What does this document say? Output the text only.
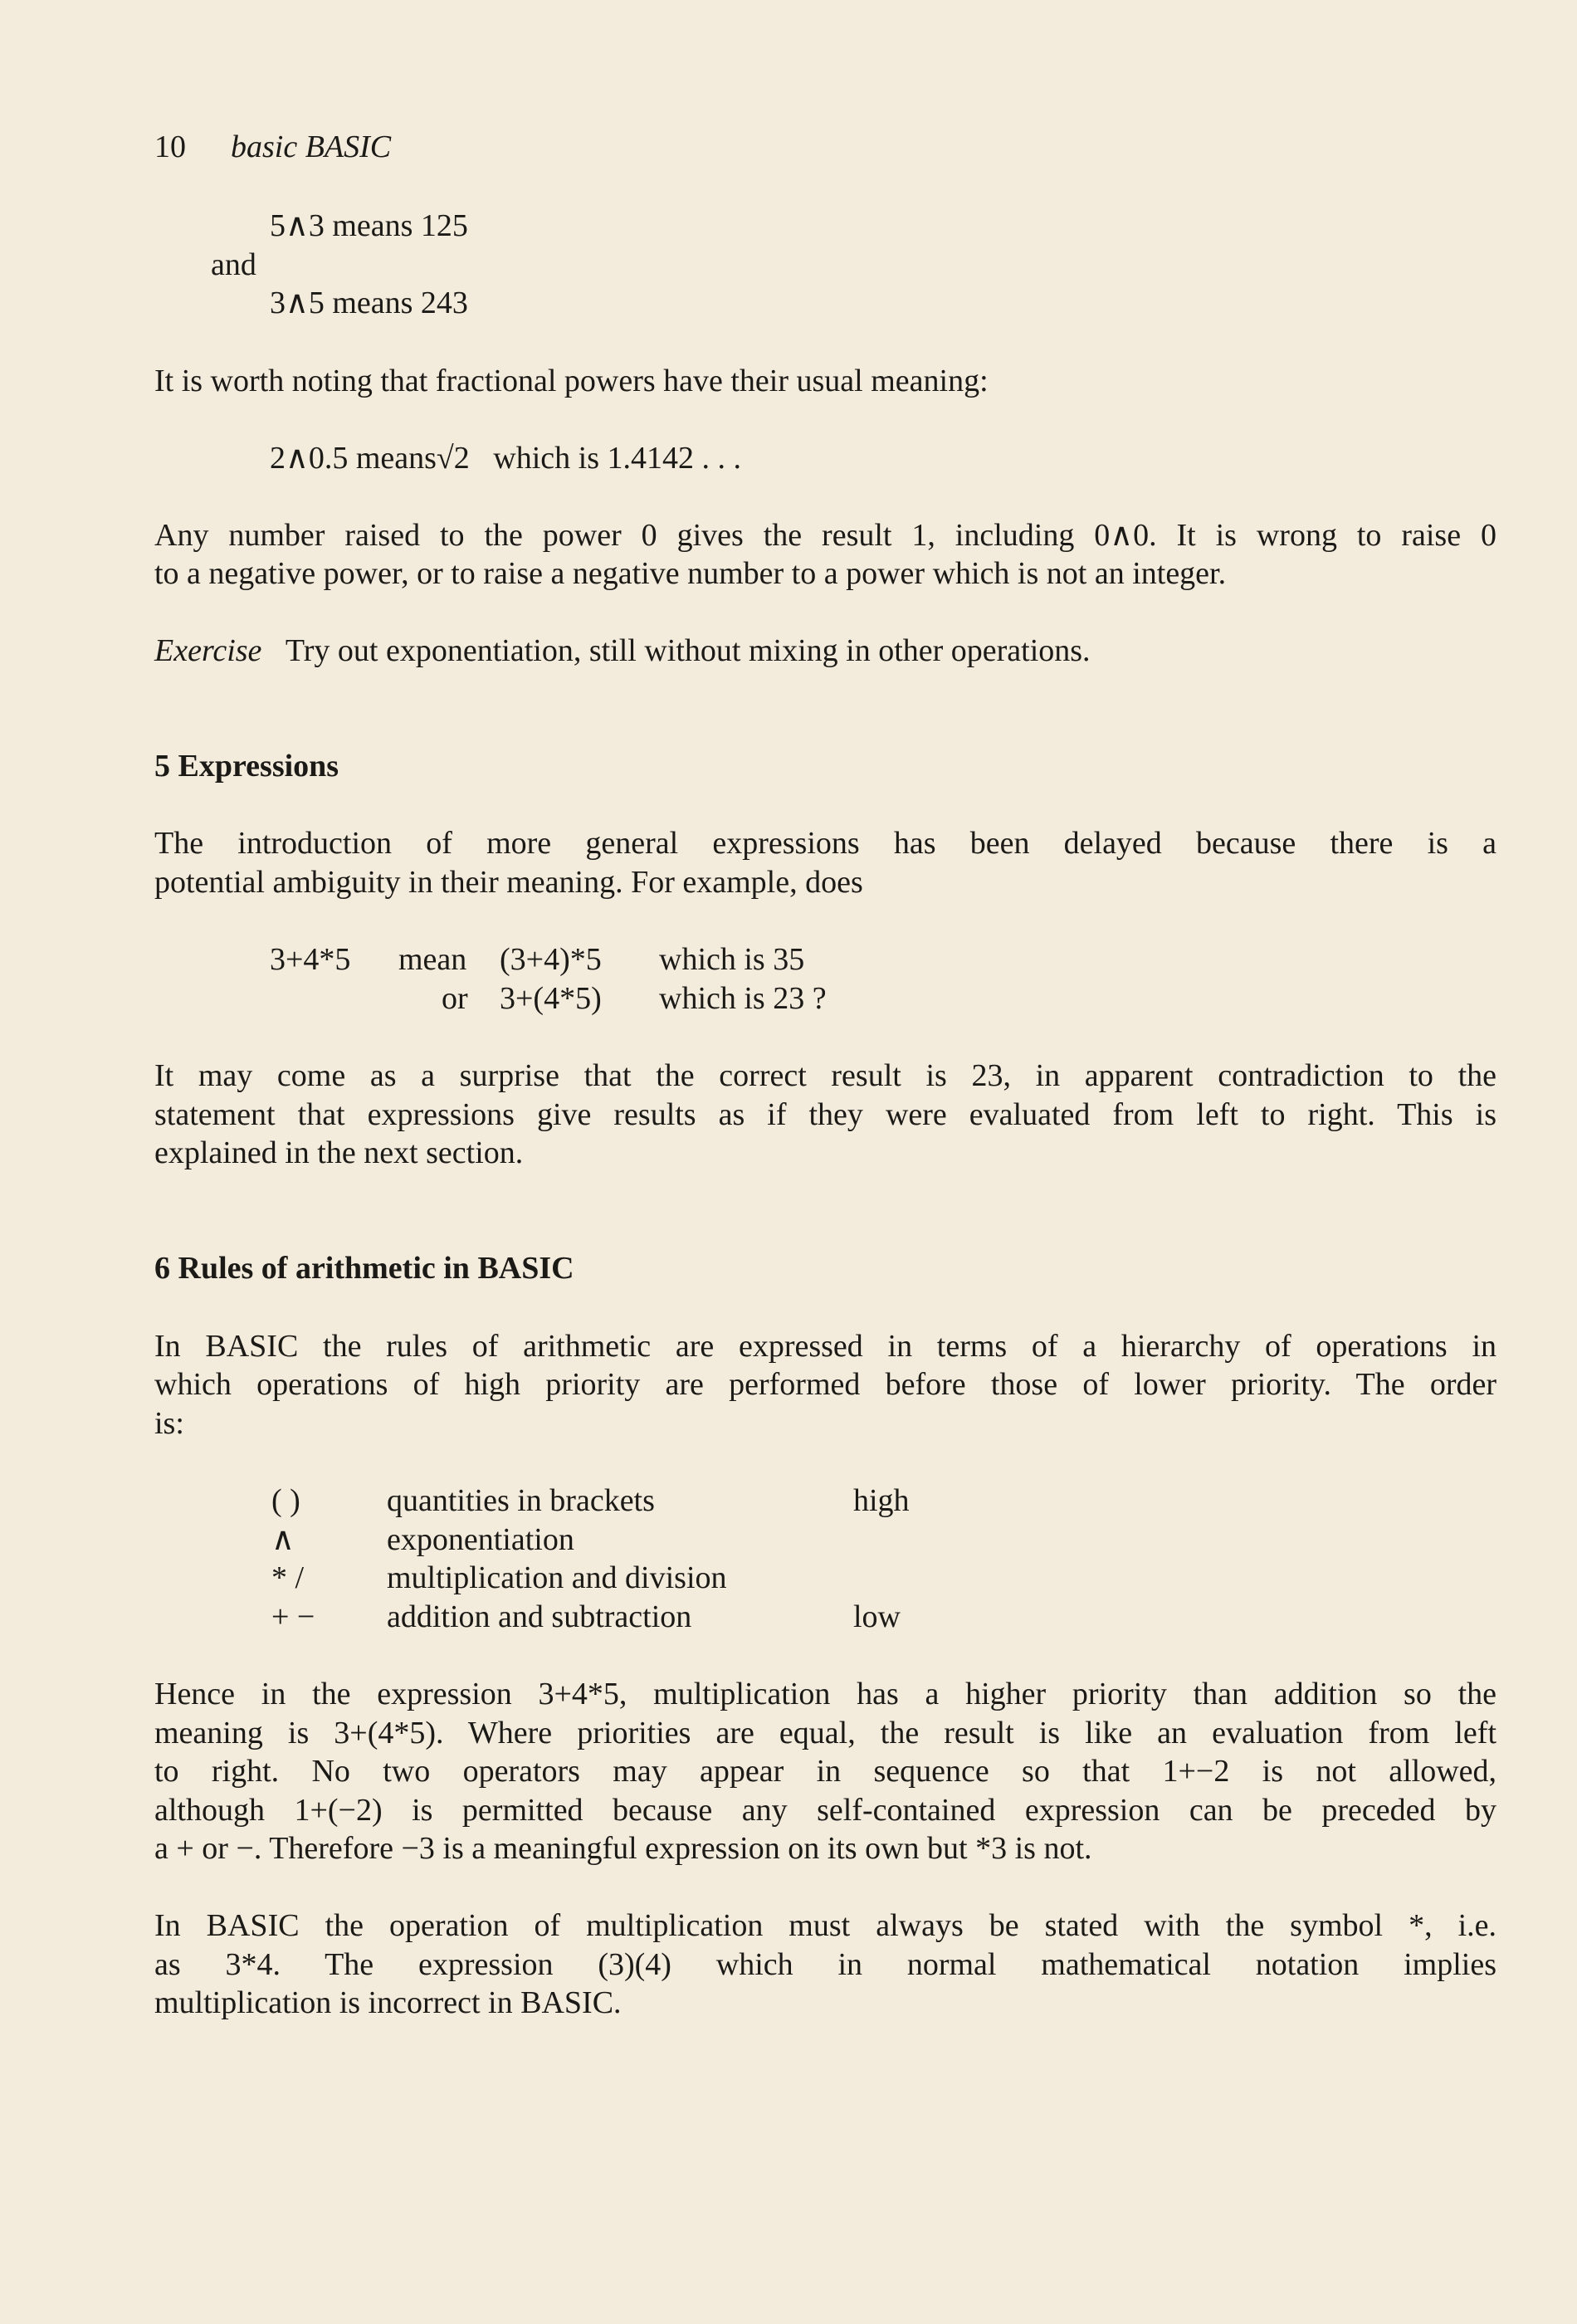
10 basic BASIC
5∧3 means 125
and
3∧5 means 243
It is worth noting that fractional powers have their usual meaning:
2∧0.5 means√2 which is 1.4142 . . .
Any number raised to the power 0 gives the result 1, including 0∧0. It is wrong to raise 0
to a negative power, or to raise a negative number to a power which is not an integer.
Exercise Try out exponentiation, still without mixing in other operations.
5 Expressions
The introduction of more general expressions has been delayed because there is a
potential ambiguity in their meaning. For example, does
3+4*5 mean (3+4)*5 which is 35
or 3+(4*5) which is 23 ?
It may come as a surprise that the correct result is 23, in apparent contradiction to the
statement that expressions give results as if they were evaluated from left to right. This is
explained in the next section.
6 Rules of arithmetic in BASIC
In BASIC the rules of arithmetic are expressed in terms of a hierarchy of operations in
which operations of high priority are performed before those of lower priority. The order
is:
( )	quantities in brackets	high
∧	exponentiation
* /	multiplication and division
+ − addition and subtraction	low
Hence in the expression 3+4*5, multiplication has a higher priority than addition so the
meaning is 3+(4*5). Where priorities are equal, the result is like an evaluation from left
to right. No two operators may appear in sequence so that 1+−2 is not allowed,
although 1+(−2) is permitted because any self-contained expression can be preceded by
a + or −. Therefore −3 is a meaningful expression on its own but *3 is not.
In BASIC the operation of multiplication must always be stated with the symbol *, i.e.
as 3*4. The expression (3)(4) which in normal mathematical notation implies
multiplication is incorrect in BASIC.
